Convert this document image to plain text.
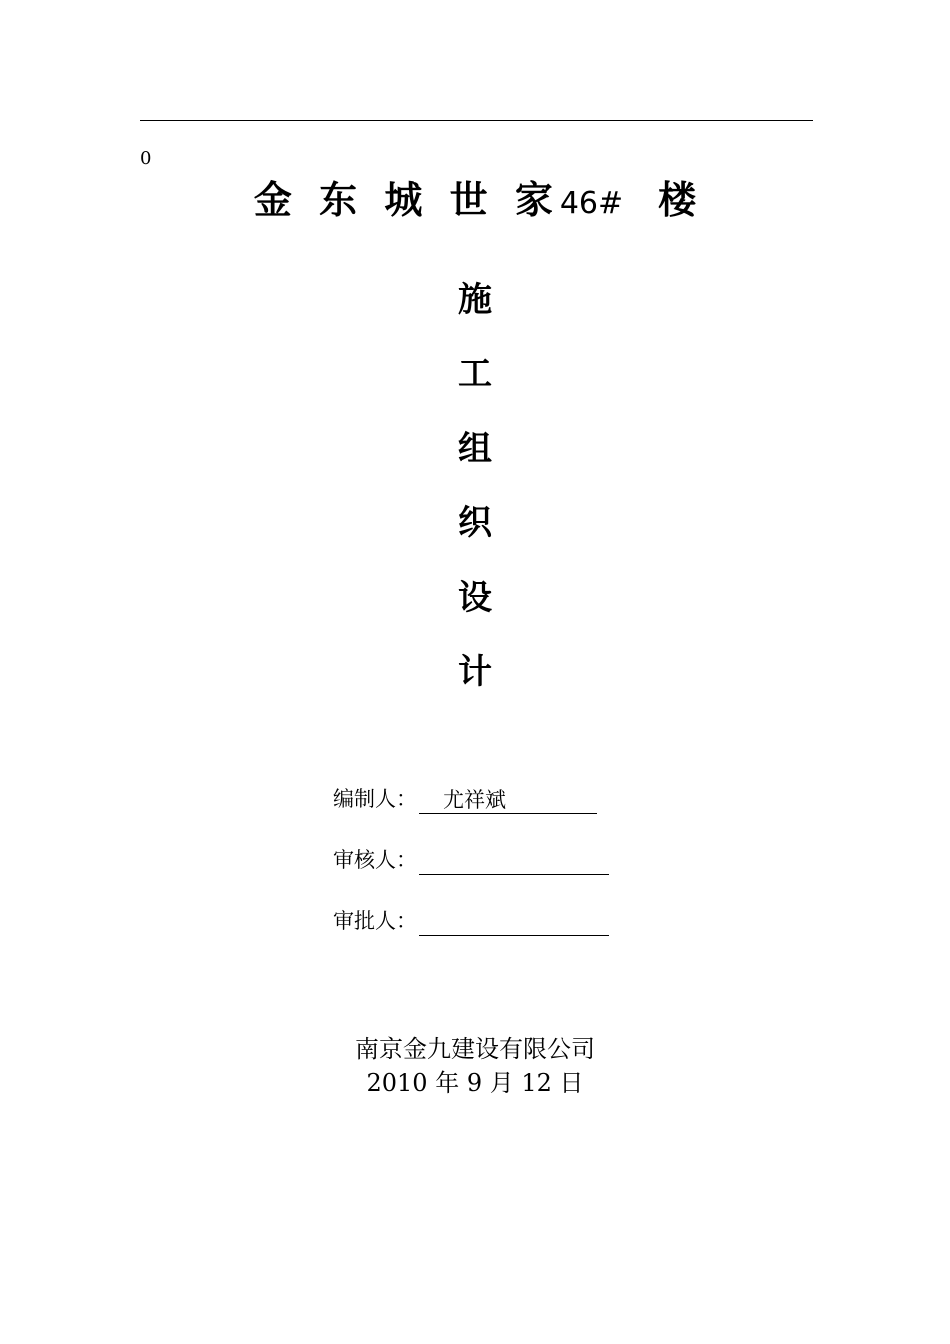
0
金 东 城 世 家 46# 楼
施
工
组
织
设
计
编制人： 尤祥斌
审核人：
审批人：
南京金九建设有限公司
2010 年 9 月 12 日
